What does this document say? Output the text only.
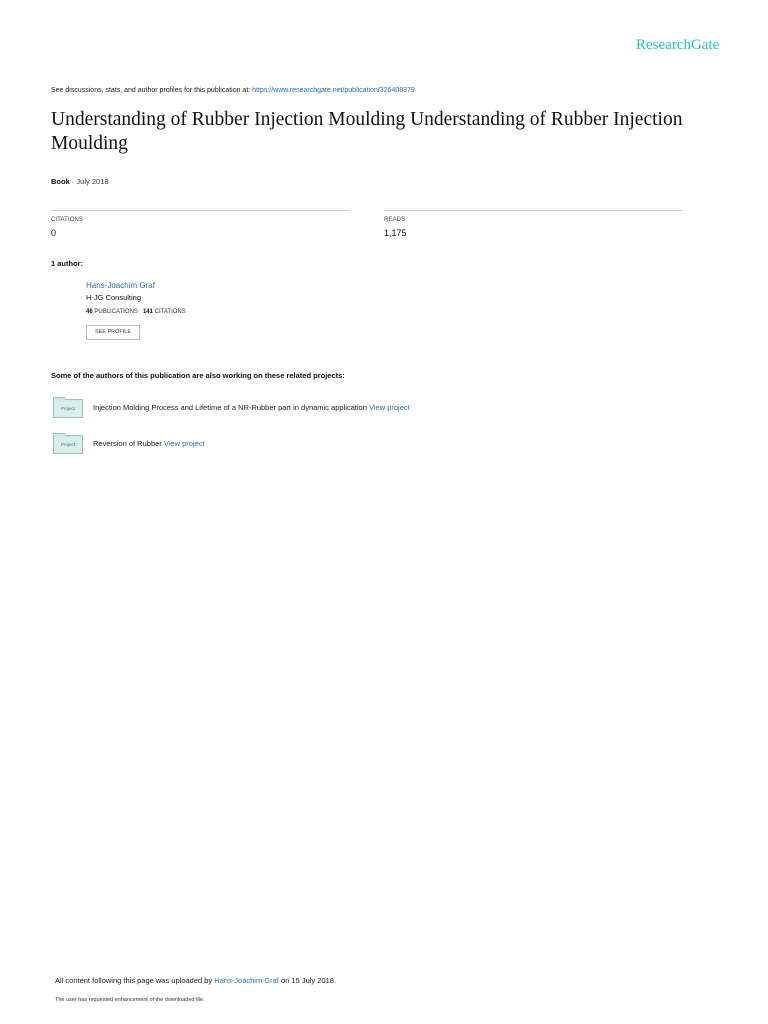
ResearchGate
See discussions, stats, and author profiles for this publication at: https://www.researchgate.net/publication/326408379
Understanding of Rubber Injection Moulding Understanding of Rubber Injection Moulding
Book · July 2018
CITATIONS
0
READS
1,175
1 author:
Hans-Joachim Graf
H-JG Consulting
46 PUBLICATIONS 141 CITATIONS
SEE PROFILE
Some of the authors of this publication are also working on these related projects:
Project Injection Molding Process and Lifetime of a NR-Rubber part in dynamic application View project
Project Reversion of Rubber View project
All content following this page was uploaded by Hans-Joachim Graf on 15 July 2018.
The user has requested enhancement of the downloaded file.
